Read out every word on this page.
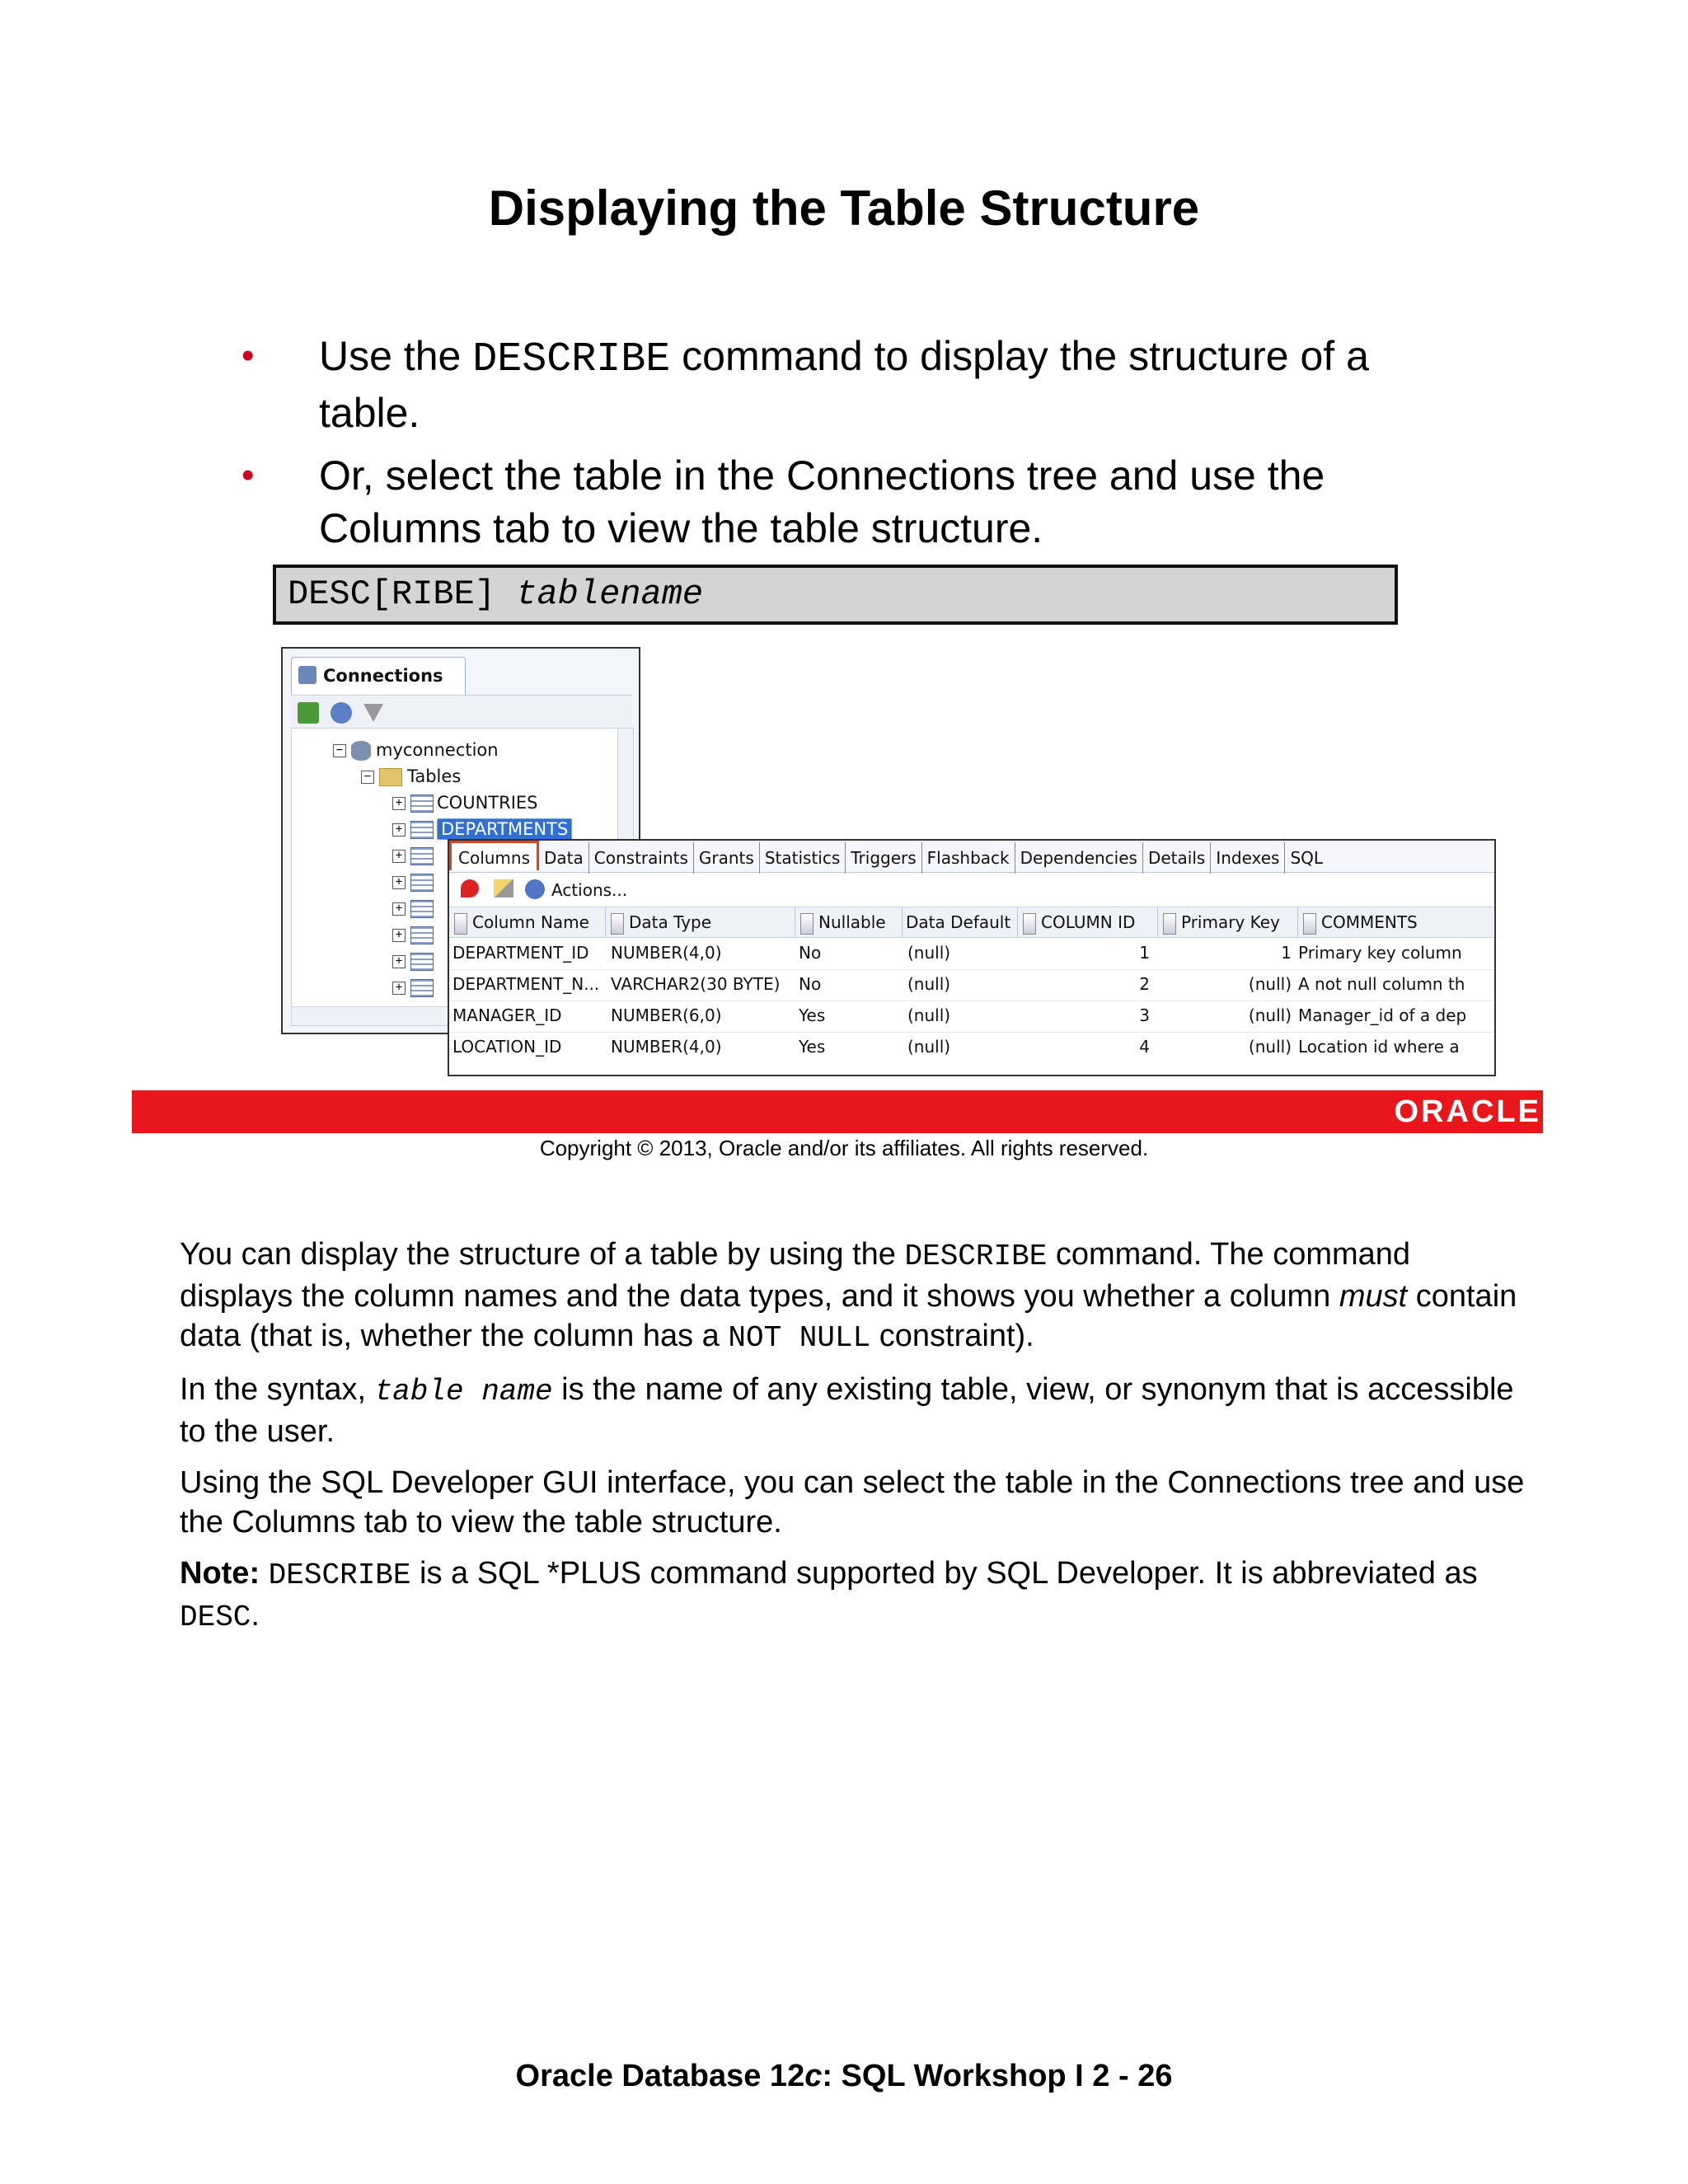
Displaying the Table Structure
• Use the DESCRIBE command to display the structure of a table.
• Or, select the table in the Connections tree and use the Columns tab to view the table structure.
DESC[RIBE] tablename
Connections
− myconnection
− Tables
+ COUNTRIES
+ DEPARTMENTS
+
+
+
+
+
+
Columns Data Constraints Grants Statistics Triggers Flashback Dependencies Details Indexes SQL
Actions...
Column Name	Data Type	Nullable	Data Default	COLUMN ID	Primary Key	COMMENTS
DEPARTMENT_ID	NUMBER(4,0)	No	(null)	1	1 Primary key column
DEPARTMENT_N... VARCHAR2(30 BYTE)	No	(null)	2	(null) A not null column th
MANAGER_ID	NUMBER(6,0)	Yes	(null)	3	(null) Manager_id of a dep
LOCATION_ID	NUMBER(4,0)	Yes	(null)	4	(null) Location id where a
ORACLE
Copyright © 2013, Oracle and/or its affiliates. All rights reserved.

You can display the structure of a table by using the DESCRIBE command. The command displays the column names and the data types, and it shows you whether a column must contain data (that is, whether the column has a NOT NULL constraint).

In the syntax, table name is the name of any existing table, view, or synonym that is accessible to the user.

Using the SQL Developer GUI interface, you can select the table in the Connections tree and use the Columns tab to view the table structure.

Note: DESCRIBE is a SQL *PLUS command supported by SQL Developer. It is abbreviated as DESC.

Oracle Database 12c: SQL Workshop I 2 - 26
